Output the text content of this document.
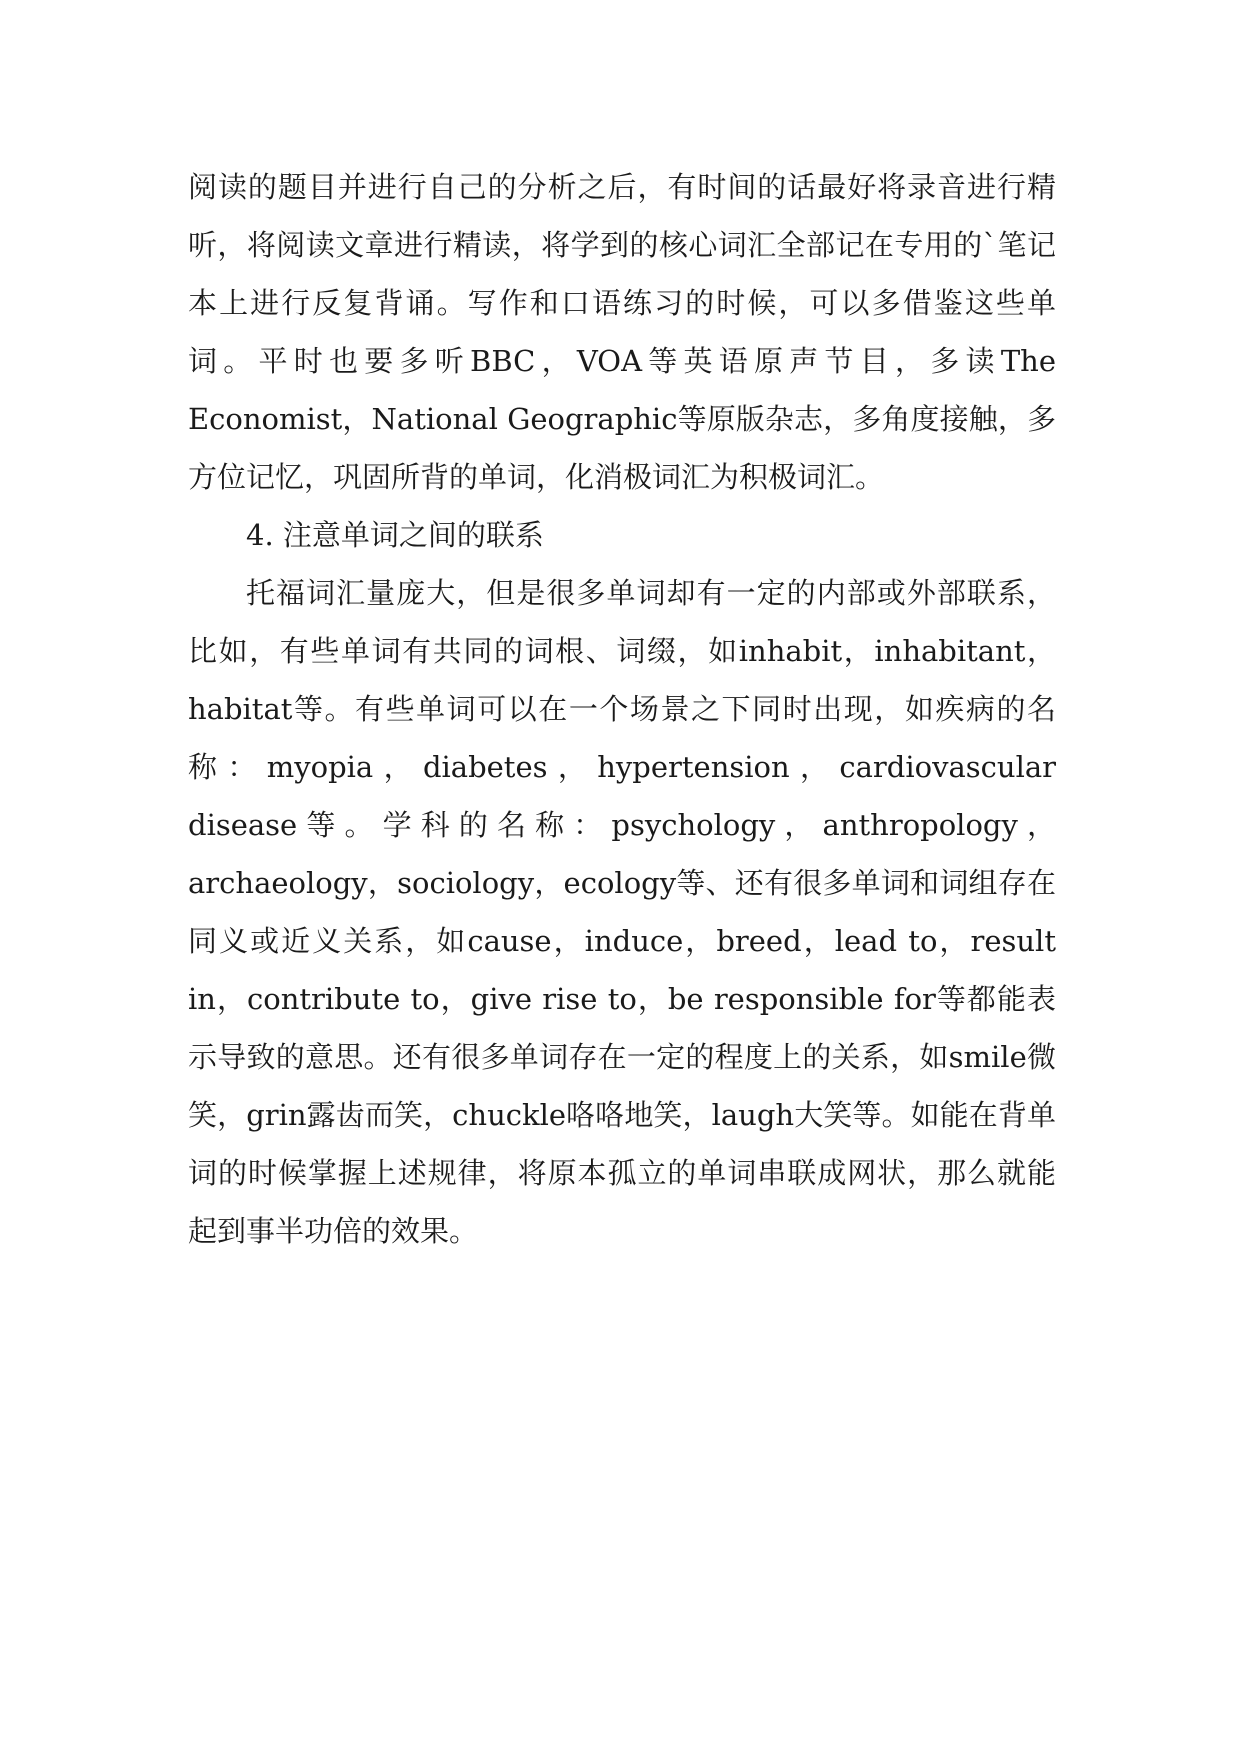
阅读的题目并进行自己的分析之后，有时间的话最好将录音进行精听，将阅读文章进行精读，将学到的核心词汇全部记在专用的`笔记本上进行反复背诵。写作和口语练习的时候，可以多借鉴这些单词。平时也要多听BBC，VOA等英语原声节目，多读The Economist，National Geographic等原版杂志，多角度接触，多方位记忆，巩固所背的单词，化消极词汇为积极词汇。

4. 注意单词之间的联系

托福词汇量庞大，但是很多单词却有一定的内部或外部联系，比如，有些单词有共同的词根、词缀，如inhabit，inhabitant，habitat等。有些单词可以在一个场景之下同时出现，如疾病的名称：myopia，diabetes，hypertension，cardiovascular disease等。学科的名称：psychology，anthropology，archaeology，sociology，ecology等、还有很多单词和词组存在同义或近义关系，如cause，induce，breed，lead to，result in，contribute to，give rise to，be responsible for等都能表示导致的意思。还有很多单词存在一定的程度上的关系，如smile微笑，grin露齿而笑，chuckle咯咯地笑，laugh大笑等。如能在背单词的时候掌握上述规律，将原本孤立的单词串联成网状，那么就能起到事半功倍的效果。
